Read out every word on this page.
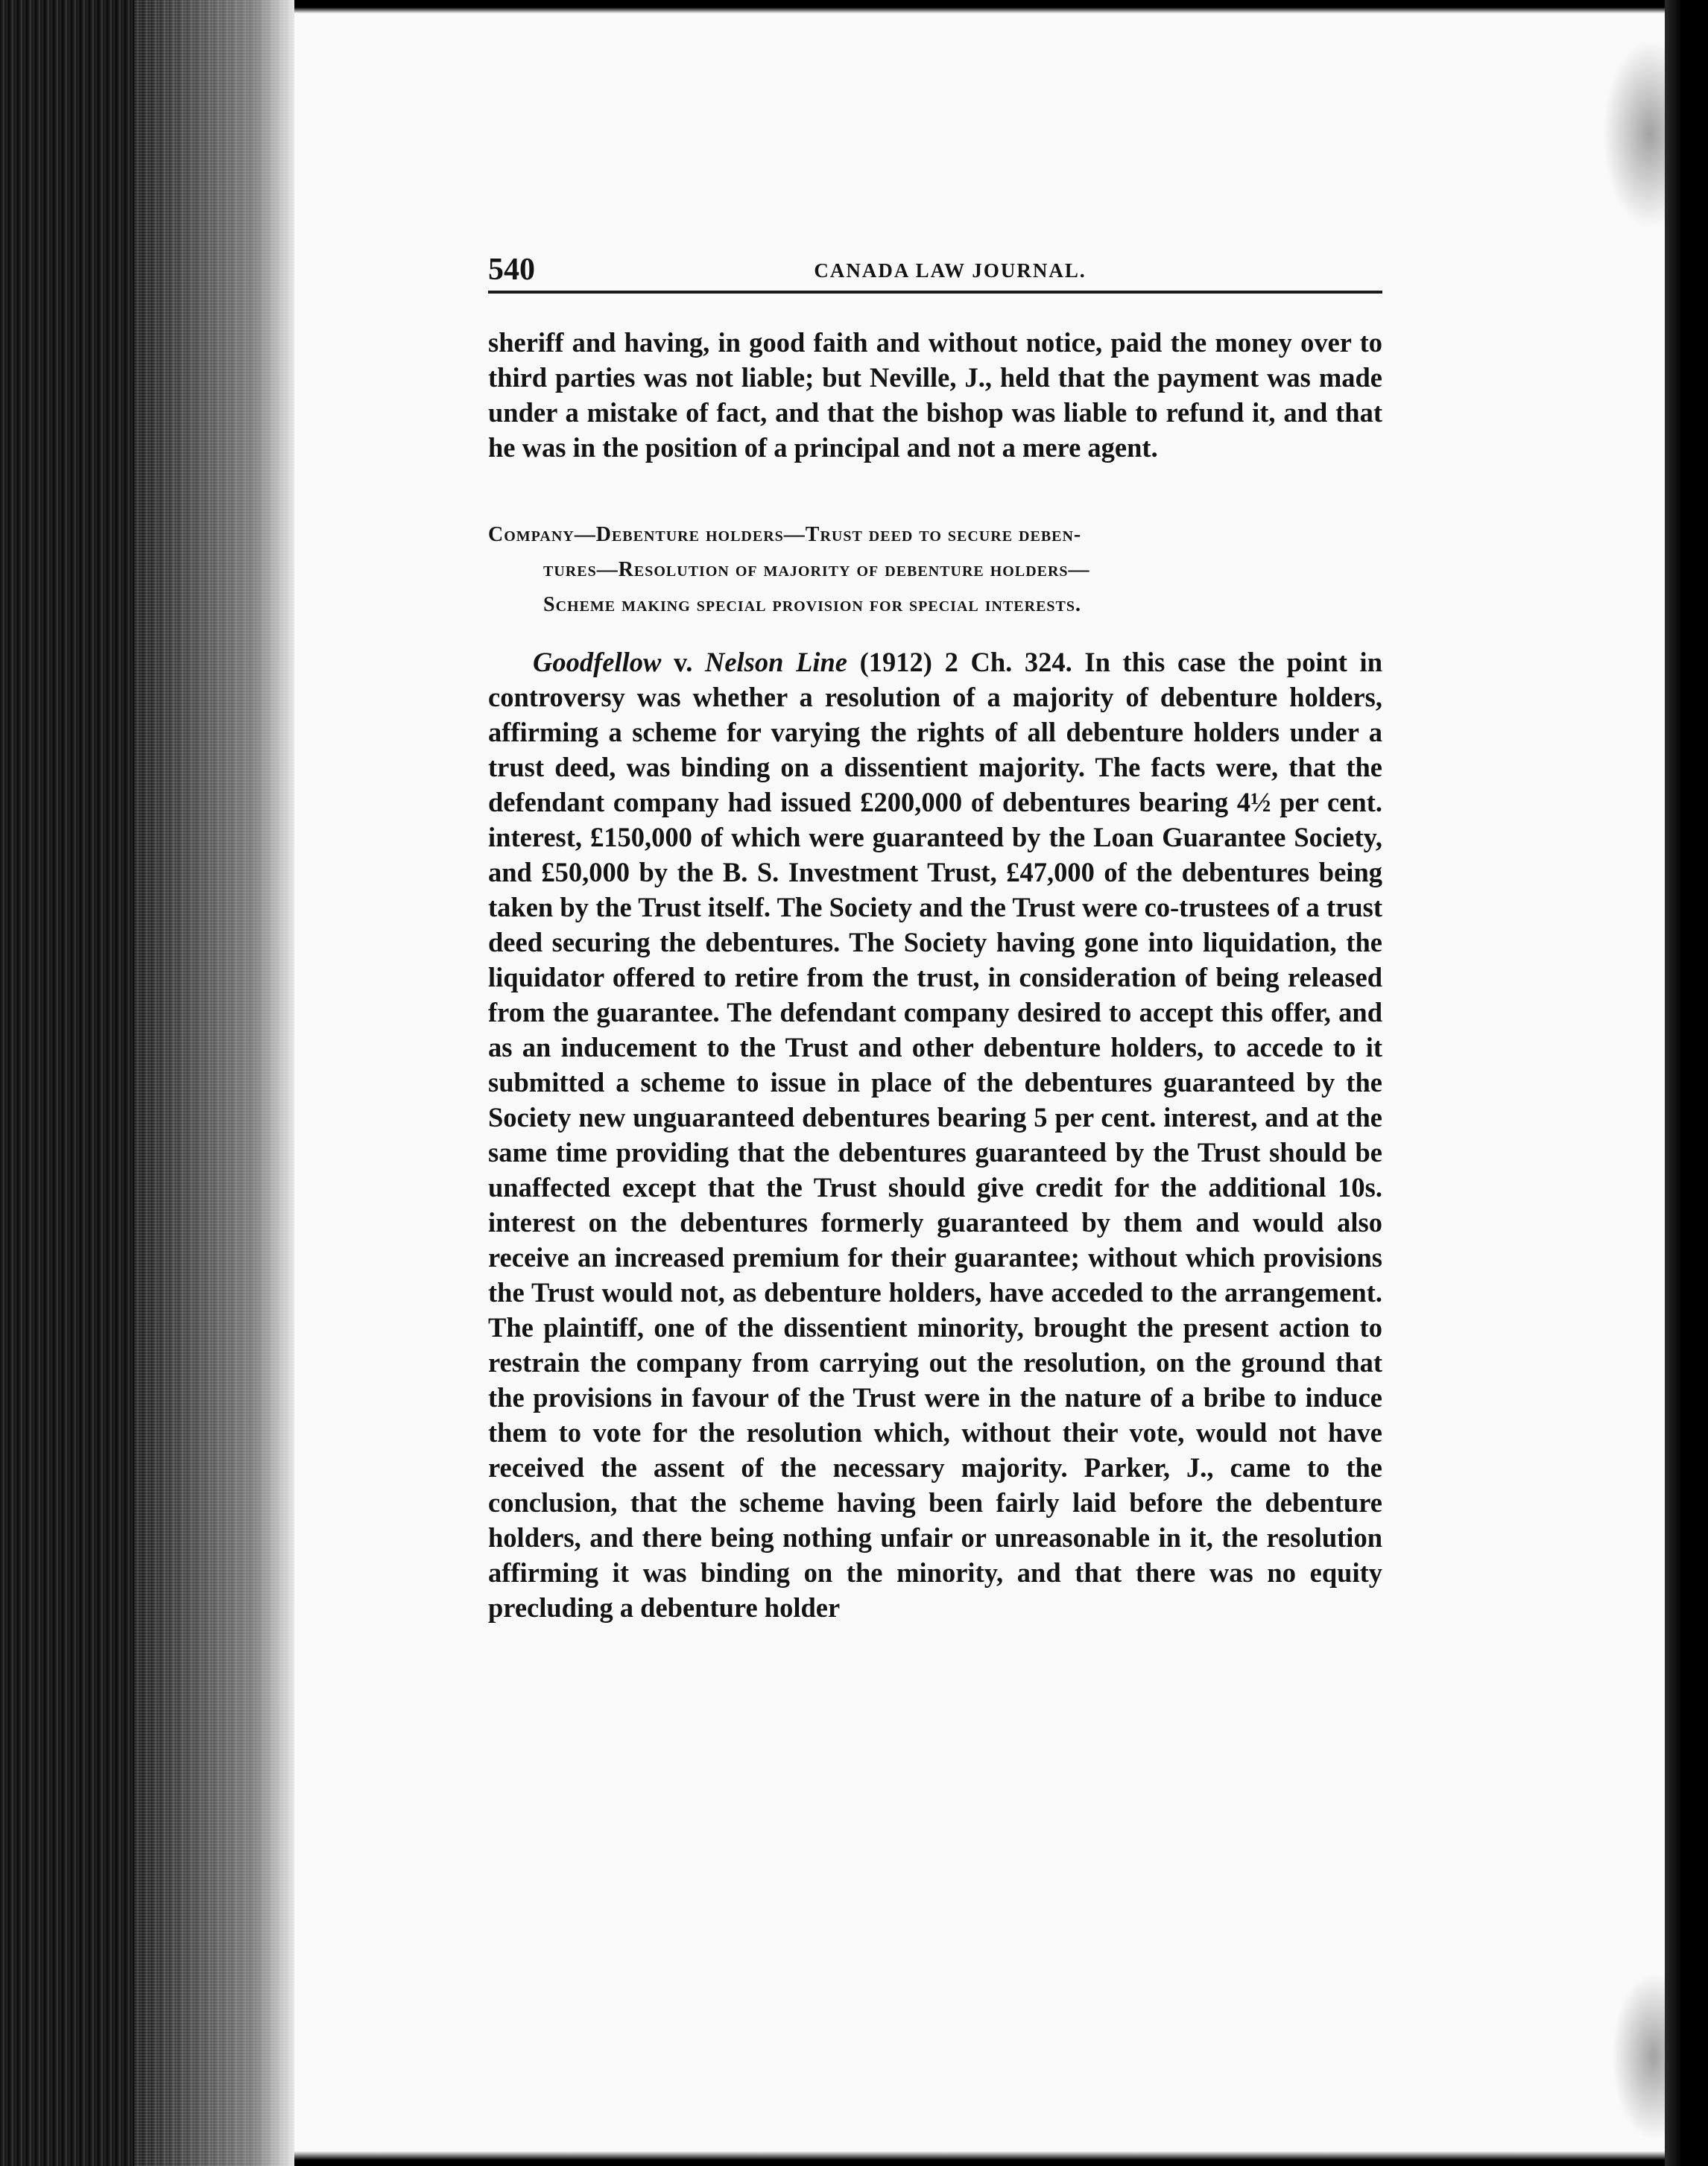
540	CANADA LAW JOURNAL.

sheriff and having, in good faith and without notice, paid the money over to third parties was not liable; but Neville, J., held that the payment was made under a mistake of fact, and that the bishop was liable to refund it, and that he was in the position of a principal and not a mere agent.

Company—Debenture holders—Trust deed to secure deben-
tures—Resolution of majority of debenture holders—
Scheme making special provision for special interests.

Goodfellow v. Nelson Line (1912) 2 Ch. 324. In this case the point in controversy was whether a resolution of a majority of debenture holders, affirming a scheme for varying the rights of all debenture holders under a trust deed, was binding on a dissentient majority. The facts were, that the defendant company had issued £200,000 of debentures bearing 4½ per cent. interest, £150,000 of which were guaranteed by the Loan Guarantee Society, and £50,000 by the B. S. Investment Trust, £47,000 of the debentures being taken by the Trust itself. The Society and the Trust were co-trustees of a trust deed securing the debentures. The Society having gone into liquidation, the liquidator offered to retire from the trust, in consideration of being released from the guarantee. The defendant company desired to accept this offer, and as an inducement to the Trust and other debenture holders, to accede to it submitted a scheme to issue in place of the debentures guaranteed by the Society new unguaranteed debentures bearing 5 per cent. interest, and at the same time providing that the debentures guaranteed by the Trust should be unaffected except that the Trust should give credit for the additional 10s. interest on the debentures formerly guaranteed by them and would also receive an increased premium for their guarantee; without which provisions the Trust would not, as debenture holders, have acceded to the arrangement. The plaintiff, one of the dissentient minority, brought the present action to restrain the company from carrying out the resolution, on the ground that the provisions in favour of the Trust were in the nature of a bribe to induce them to vote for the resolution which, without their vote, would not have received the assent of the necessary majority. Parker, J., came to the conclusion, that the scheme having been fairly laid before the debenture holders, and there being nothing unfair or unreasonable in it, the resolution affirming it was binding on the minority, and that there was no equity precluding a debenture holder
